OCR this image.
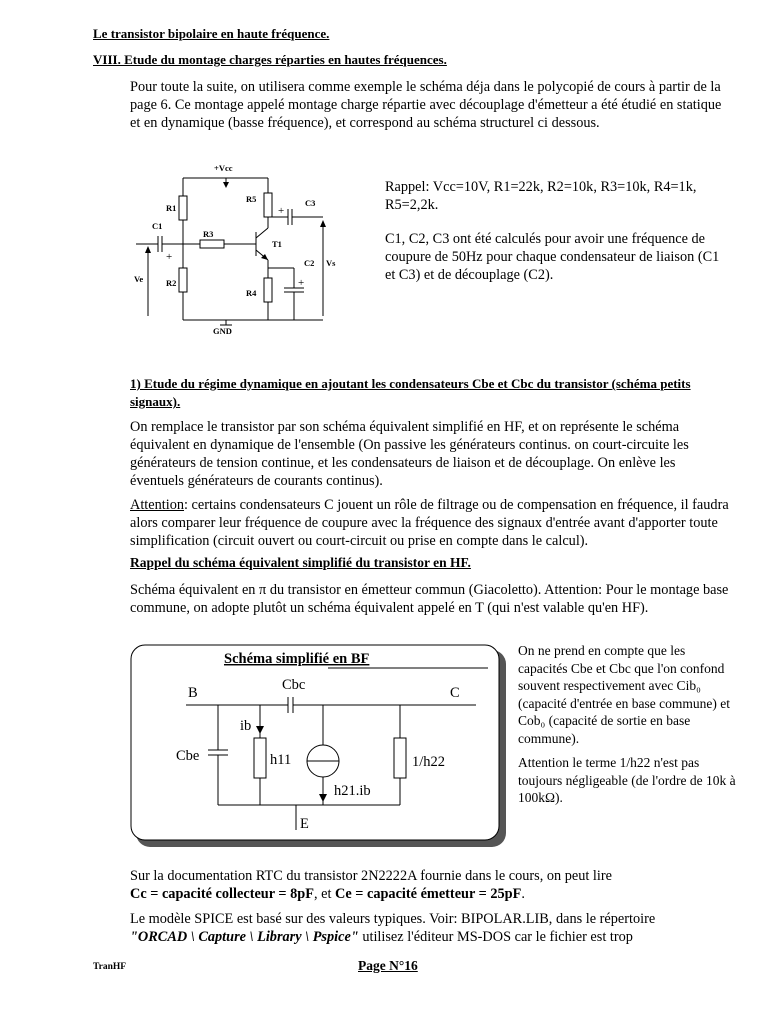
Le transistor bipolaire en haute fréquence.

VIII. Etude du montage charges réparties en hautes fréquences.

Pour toute la suite, on utilisera comme exemple le schéma déja dans le polycopié de cours à partir de la page 6. Ce montage appelé montage charge répartie avec découplage d'émetteur a été étudié en statique et en dynamique (basse fréquence), et correspond au schéma structurel ci dessous.

+Vcc
GND
R1
R2
R3
R4
R5
C1
C2
C3
T1
Ve
Vs
+
+
+

Rappel: Vcc=10V, R1=22k, R2=10k, R3=10k, R4=1k, R5=2,2k.

C1, C2, C3 ont été calculés pour avoir une fréquence de coupure de 50Hz pour chaque condensateur de liaison (C1 et C3) et de découplage (C2).

1) Etude du régime dynamique en ajoutant les condensateurs Cbe et Cbc du transistor (schéma petits signaux).

On remplace le transistor par son schéma équivalent simplifié en HF, et on représente le schéma équivalent en dynamique de l'ensemble (On passive les générateurs continus. on court-circuite les générateurs de tension continue, et les condensateurs de liaison et de découplage. On enlève les éventuels générateurs de courants continus).

Attention: certains condensateurs C jouent un rôle de filtrage ou de compensation en fréquence, il faudra alors comparer leur fréquence de coupure avec la fréquence des signaux d'entrée avant d'apporter toute simplification (circuit ouvert ou court-circuit ou prise en compte dans le calcul).

Rappel du schéma équivalent simplifié du transistor en HF.

Schéma équivalent en π du transistor en émetteur commun (Giacoletto). Attention: Pour le montage base commune, on adopte plutôt un schéma équivalent appelé en T (qui n'est valable qu'en HF).

Schéma simplifié en BF
B	C
E
Cbc
Cbe
ib
h11
h21.ib
1/h22

On ne prend en compte que les capacités Cbe et Cbc que l'on confond souvent respectivement avec Cib₀ (capacité d'entrée en base commune) et Cob₀ (capacité de sortie en base commune).

Attention le terme 1/h22 n'est pas toujours négligeable (de l'ordre de 10k à 100kΩ).

Sur la documentation RTC du transistor 2N2222A fournie dans le cours, on peut lire
Cc = capacité collecteur = 8pF, et Ce = capacité émetteur = 25pF.

Le modèle SPICE est basé sur des valeurs typiques. Voir: BIPOLAR.LIB, dans le répertoire
"ORCAD \ Capture \ Library \ Pspice" utilisez l'éditeur MS-DOS car le fichier est trop

TranHF	Page N°16
